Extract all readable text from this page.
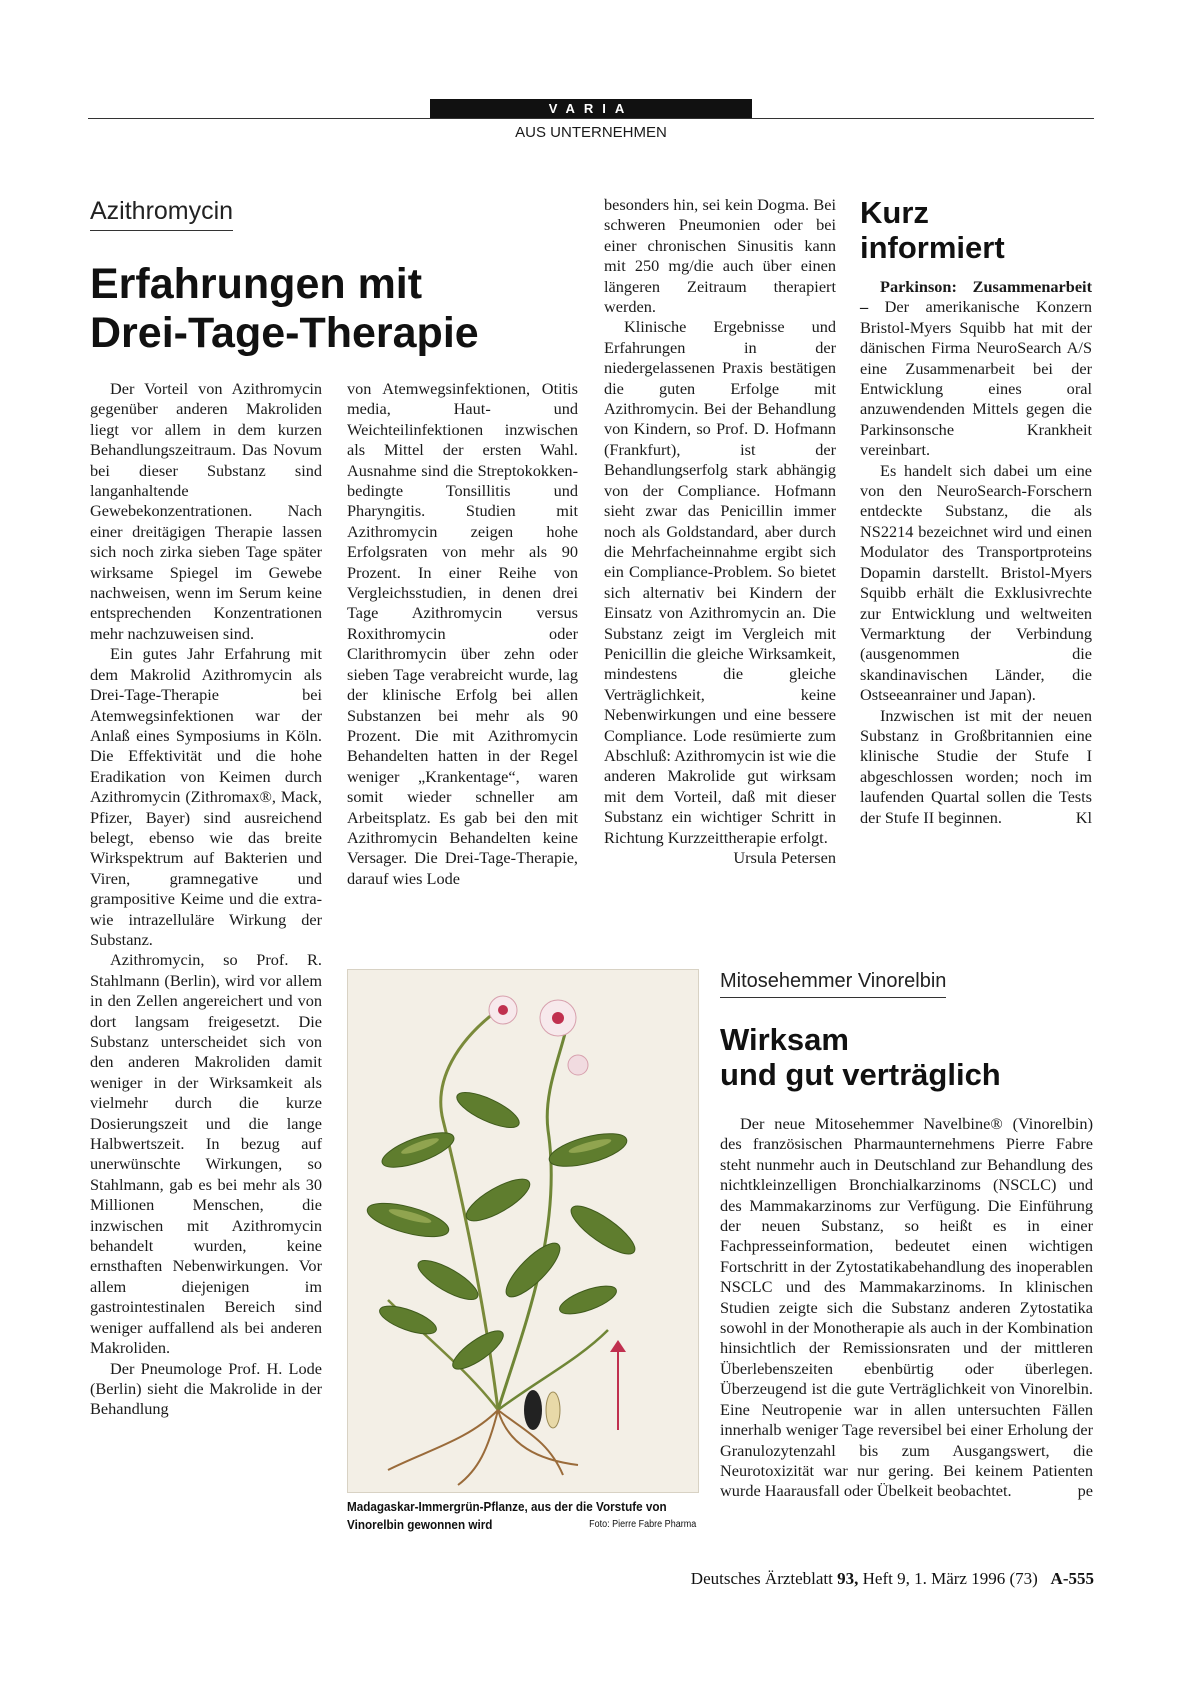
VARIA
AUS UNTERNEHMEN
Azithromycin
Erfahrungen mit
Drei-Tage-Therapie

Der Vorteil von Azithromycin gegenüber anderen Makroliden liegt vor allem in dem kurzen Behandlungszeitraum. Das Novum bei dieser Substanz sind langanhaltende Gewebekonzentrationen. Nach einer dreitägigen Therapie lassen sich noch zirka sieben Tage später wirksame Spiegel im Gewebe nachweisen, wenn im Serum keine entsprechenden Konzentrationen mehr nachzuweisen sind.

Ein gutes Jahr Erfahrung mit dem Makrolid Azithromycin als Drei-Tage-Therapie bei Atemwegsinfektionen war der Anlaß eines Symposiums in Köln. Die Effektivität und die hohe Eradikation von Keimen durch Azithromycin (Zithromax®, Mack, Pfizer, Bayer) sind ausreichend belegt, ebenso wie das breite Wirkspektrum auf Bakterien und Viren, gramnegative und grampositive Keime und die extra- wie intrazelluläre Wirkung der Substanz.

Azithromycin, so Prof. R. Stahlmann (Berlin), wird vor allem in den Zellen angereichert und von dort langsam freigesetzt. Die Substanz unterscheidet sich von den anderen Makroliden damit weniger in der Wirksamkeit als vielmehr durch die kurze Dosierungszeit und die lange Halbwertszeit. In bezug auf unerwünschte Wirkungen, so Stahlmann, gab es bei mehr als 30 Millionen Menschen, die inzwischen mit Azithromycin behandelt wurden, keine ernsthaften Nebenwirkungen. Vor allem diejenigen im gastrointestinalen Bereich sind weniger auffallend als bei anderen Makroliden.

Der Pneumologe Prof. H. Lode (Berlin) sieht die Makrolide in der Behandlung

von Atemwegsinfektionen, Otitis media, Haut- und Weichteilinfektionen inzwischen als Mittel der ersten Wahl. Ausnahme sind die Streptokokken-bedingte Tonsillitis und Pharyngitis. Studien mit Azithromycin zeigen hohe Erfolgsraten von mehr als 90 Prozent. In einer Reihe von Vergleichsstudien, in denen drei Tage Azithromycin versus Roxithromycin oder Clarithromycin über zehn oder sieben Tage verabreicht wurde, lag der klinische Erfolg bei allen Substanzen bei mehr als 90 Prozent. Die mit Azithromycin Behandelten hatten in der Regel weniger „Krankentage“, waren somit wieder schneller am Arbeitsplatz. Es gab bei den mit Azithromycin Behandelten keine Versager. Die Drei-Tage-Therapie, darauf wies Lode

besonders hin, sei kein Dogma. Bei schweren Pneumonien oder bei einer chronischen Sinusitis kann mit 250 mg/die auch über einen längeren Zeitraum therapiert werden.

Klinische Ergebnisse und Erfahrungen in der niedergelassenen Praxis bestätigen die guten Erfolge mit Azithromycin. Bei der Behandlung von Kindern, so Prof. D. Hofmann (Frankfurt), ist der Behandlungserfolg stark abhängig von der Compliance. Hofmann sieht zwar das Penicillin immer noch als Goldstandard, aber durch die Mehrfacheinnahme ergibt sich ein Compliance-Problem. So bietet sich alternativ bei Kindern der Einsatz von Azithromycin an. Die Substanz zeigt im Vergleich mit Penicillin die gleiche Wirksamkeit, mindestens die gleiche Verträglichkeit, keine Nebenwirkungen und eine bessere Compliance. Lode resümierte zum Abschluß: Azithromycin ist wie die anderen Makrolide gut wirksam mit dem Vorteil, daß mit dieser Substanz ein wichtiger Schritt in Richtung Kurzzeittherapie erfolgt.
Ursula Petersen

Kurz
informiert

Parkinson: Zusammenarbeit – Der amerikanische Konzern Bristol-Myers Squibb hat mit der dänischen Firma NeuroSearch A/S eine Zusammenarbeit bei der Entwicklung eines oral anzuwendenden Mittels gegen die Parkinsonsche Krankheit vereinbart.

Es handelt sich dabei um eine von den NeuroSearch-Forschern entdeckte Substanz, die als NS2214 bezeichnet wird und einen Modulator des Transportproteins Dopamin darstellt. Bristol-Myers Squibb erhält die Exklusivrechte zur Entwicklung und weltweiten Vermarktung der Verbindung (ausgenommen die skandinavischen Länder, die Ostseeanrainer und Japan).

Inzwischen ist mit der neuen Substanz in Großbritannien eine klinische Studie der Stufe I abgeschlossen worden; noch im laufenden Quartal sollen die Tests der Stufe II beginnen.	Kl

Madagaskar-Immergrün-Pflanze, aus der die Vorstufe von Vinorelbin gewonnen wird	Foto: Pierre Fabre Pharma
Mitosehemmer Vinorelbin
Wirksam
und gut verträglich

Der neue Mitosehemmer Navelbine® (Vinorelbin) des französischen Pharmaunternehmens Pierre Fabre steht nunmehr auch in Deutschland zur Behandlung des nichtkleinzelligen Bronchialkarzinoms (NSCLC) und des Mammakarzinoms zur Verfügung. Die Einführung der neuen Substanz, so heißt es in einer Fachpresseinformation, bedeutet einen wichtigen Fortschritt in der Zytostatikabehandlung des inoperablen NSCLC und des Mammakarzinoms. In klinischen Studien zeigte sich die Substanz anderen Zytostatika sowohl in der Monotherapie als auch in der Kombination hinsichtlich der Remissionsraten und der mittleren Überlebenszeiten ebenbürtig oder überlegen. Überzeugend ist die gute Verträglichkeit von Vinorelbin. Eine Neutropenie war in allen untersuchten Fällen innerhalb weniger Tage reversibel bei einer Erholung der Granulozytenzahl bis zum Ausgangswert, die Neurotoxizität war nur gering. Bei keinem Patienten wurde Haarausfall oder Übelkeit beobachtet.	pe

Deutsches Ärzteblatt 93, Heft 9, 1. März 1996 (73) A-555
